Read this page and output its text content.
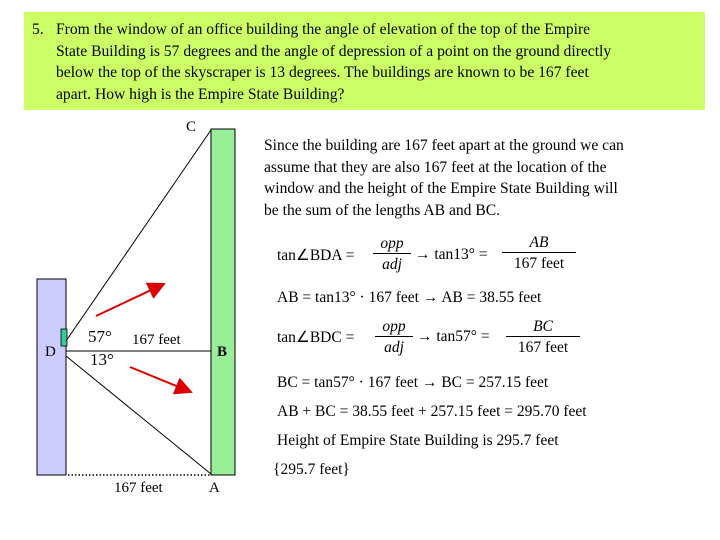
5. From the window of an office building the angle of elevation of the top of the Empire
State Building is 57 degrees and the angle of depression of a point on the ground directly
below the top of the skyscraper is 13 degrees. The buildings are known to be 167 feet
apart. How high is the Empire State Building?
C
D	B
A
57°
13°
167 feet
167 feet
Since the building are 167 feet apart at the ground we can
assume that they are also 167 feet at the location of the
window and the height of the Empire State Building will
be the sum of the lengths AB and BC.
tan∠BDA =
opp
adj
→ tan13° =
AB
167 feet
AB = tan13° · 167 feet → AB = 38.55 feet
tan∠BDC =
opp
adj
→ tan57° =
BC
167 feet
BC = tan57° · 167 feet → BC = 257.15 feet
AB + BC = 38.55 feet + 257.15 feet = 295.70 feet
Height of Empire State Building is 295.7 feet
{295.7 feet}
